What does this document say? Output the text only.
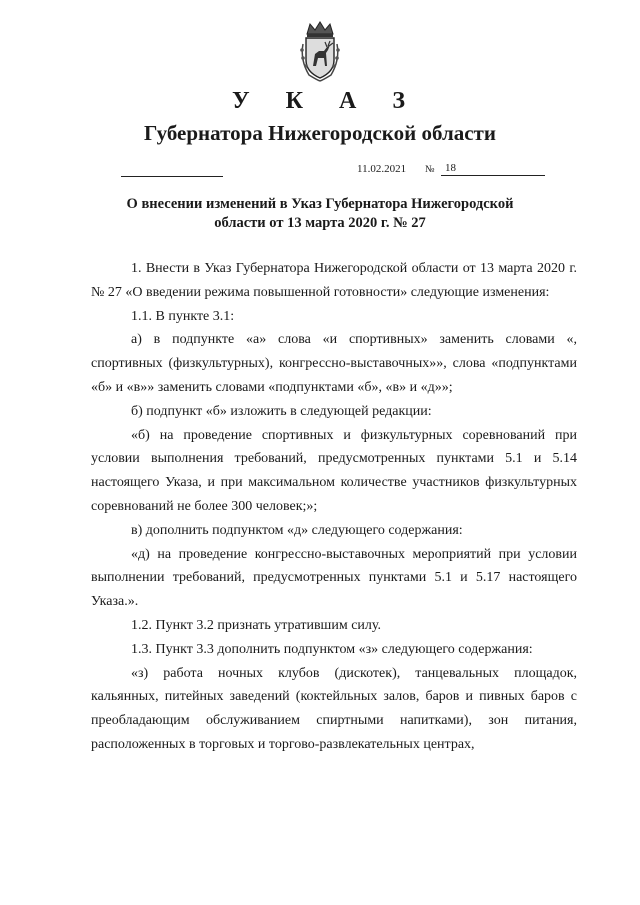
У К А З
Губернатора Нижегородской области
11.02.2021 № 18
О внесении изменений в Указ Губернатора Нижегородской
области от 13 марта 2020 г. № 27

1. Внести в Указ Губернатора Нижегородской области от 13 марта 2020 г. № 27 «О введении режима повышенной готовности» следующие изменения:

1.1. В пункте 3.1:

а) в подпункте «а» слова «и спортивных» заменить словами «, спортивных (физкультурных), конгрессно-выставочных»», слова «подпунктами «б» и «в»» заменить словами «подпунктами «б», «в» и «д»»;

б) подпункт «б» изложить в следующей редакции:

«б) на проведение спортивных и физкультурных соревнований при условии выполнения требований, предусмотренных пунктами 5.1 и 5.14 настоящего Указа, и при максимальном количестве участников физкультурных соревнований не более 300 человек;»;

в) дополнить подпунктом «д» следующего содержания:

«д) на проведение конгрессно-выставочных мероприятий при условии выполнении требований, предусмотренных пунктами 5.1 и 5.17 настоящего Указа.».

1.2. Пункт 3.2 признать утратившим силу.

1.3. Пункт 3.3 дополнить подпунктом «з» следующего содержания:

«з) работа ночных клубов (дискотек), танцевальных площадок, кальянных, питейных заведений (коктейльных залов, баров и пивных баров с преобладающим обслуживанием спиртными напитками), зон питания, расположенных в торговых и торгово-развлекательных центрах,
